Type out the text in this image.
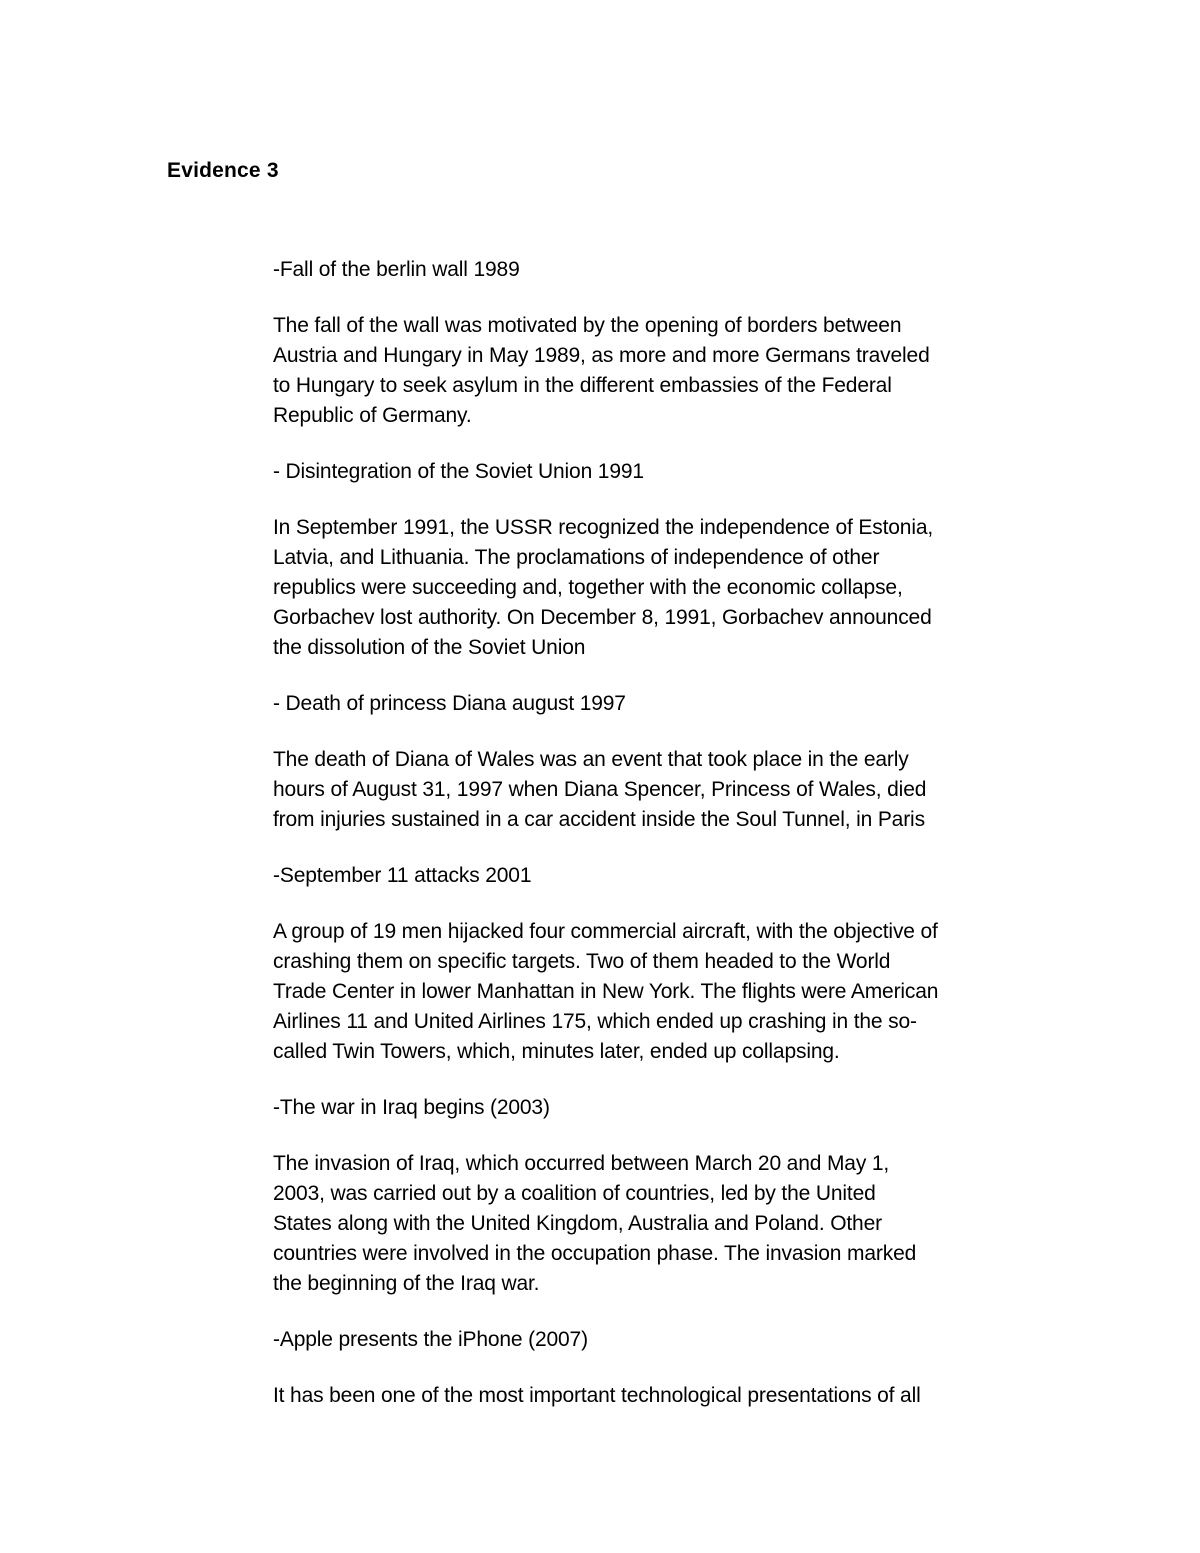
Evidence 3

-Fall of the berlin wall 1989

The fall of the wall was motivated by the opening of borders between
Austria and Hungary in May 1989, as more and more Germans traveled
to Hungary to seek asylum in the different embassies of the Federal
Republic of Germany.

- Disintegration of the Soviet Union 1991

In September 1991, the USSR recognized the independence of Estonia,
Latvia, and Lithuania. The proclamations of independence of other
republics were succeeding and, together with the economic collapse,
Gorbachev lost authority. On December 8, 1991, Gorbachev announced
the dissolution of the Soviet Union

- Death of princess Diana august 1997

The death of Diana of Wales was an event that took place in the early
hours of August 31, 1997 when Diana Spencer, Princess of Wales, died
from injuries sustained in a car accident inside the Soul Tunnel, in Paris

-September 11 attacks 2001

A group of 19 men hijacked four commercial aircraft, with the objective of
crashing them on specific targets. Two of them headed to the World
Trade Center in lower Manhattan in New York. The flights were American
Airlines 11 and United Airlines 175, which ended up crashing in the so-
called Twin Towers, which, minutes later, ended up collapsing.

-The war in Iraq begins (2003)

The invasion of Iraq, which occurred between March 20 and May 1,
2003, was carried out by a coalition of countries, led by the United
States along with the United Kingdom, Australia and Poland. Other
countries were involved in the occupation phase. The invasion marked
the beginning of the Iraq war.

-Apple presents the iPhone (2007)

It has been one of the most important technological presentations of all
